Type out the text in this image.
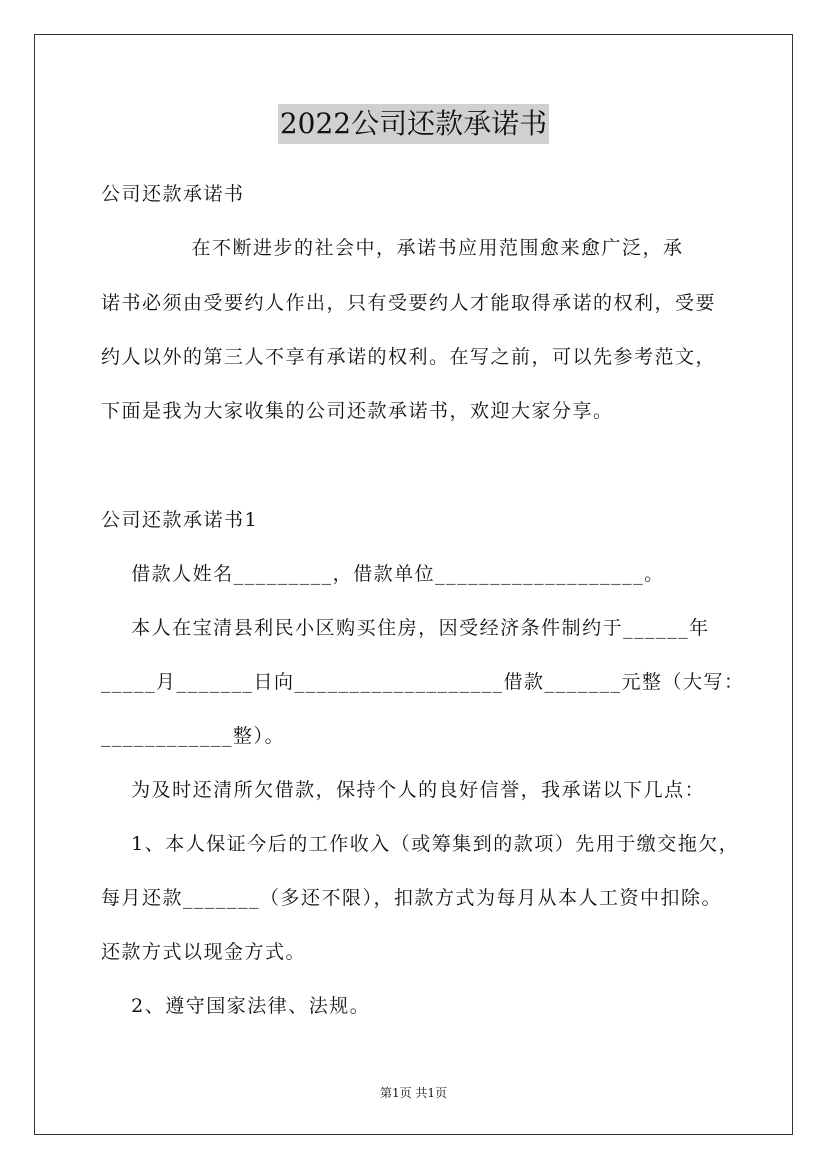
2022公司还款承诺书
公司还款承诺书
在不断进步的社会中，承诺书应用范围愈来愈广泛，承
诺书必须由受要约人作出，只有受要约人才能取得承诺的权利，受要
约人以外的第三人不享有承诺的权利。在写之前，可以先参考范文，
下面是我为大家收集的公司还款承诺书，欢迎大家分享。
公司还款承诺书1
借款人姓名_________，借款单位___________________。
本人在宝清县利民小区购买住房，因受经济条件制约于______年
_____月_______日向___________________借款_______元整（大写：
____________整）。
为及时还清所欠借款，保持个人的良好信誉，我承诺以下几点：
1、本人保证今后的工作收入（或筹集到的款项）先用于缴交拖欠，
每月还款_______（多还不限），扣款方式为每月从本人工资中扣除。
还款方式以现金方式。
2、遵守国家法律、法规。
第1页 共1页
